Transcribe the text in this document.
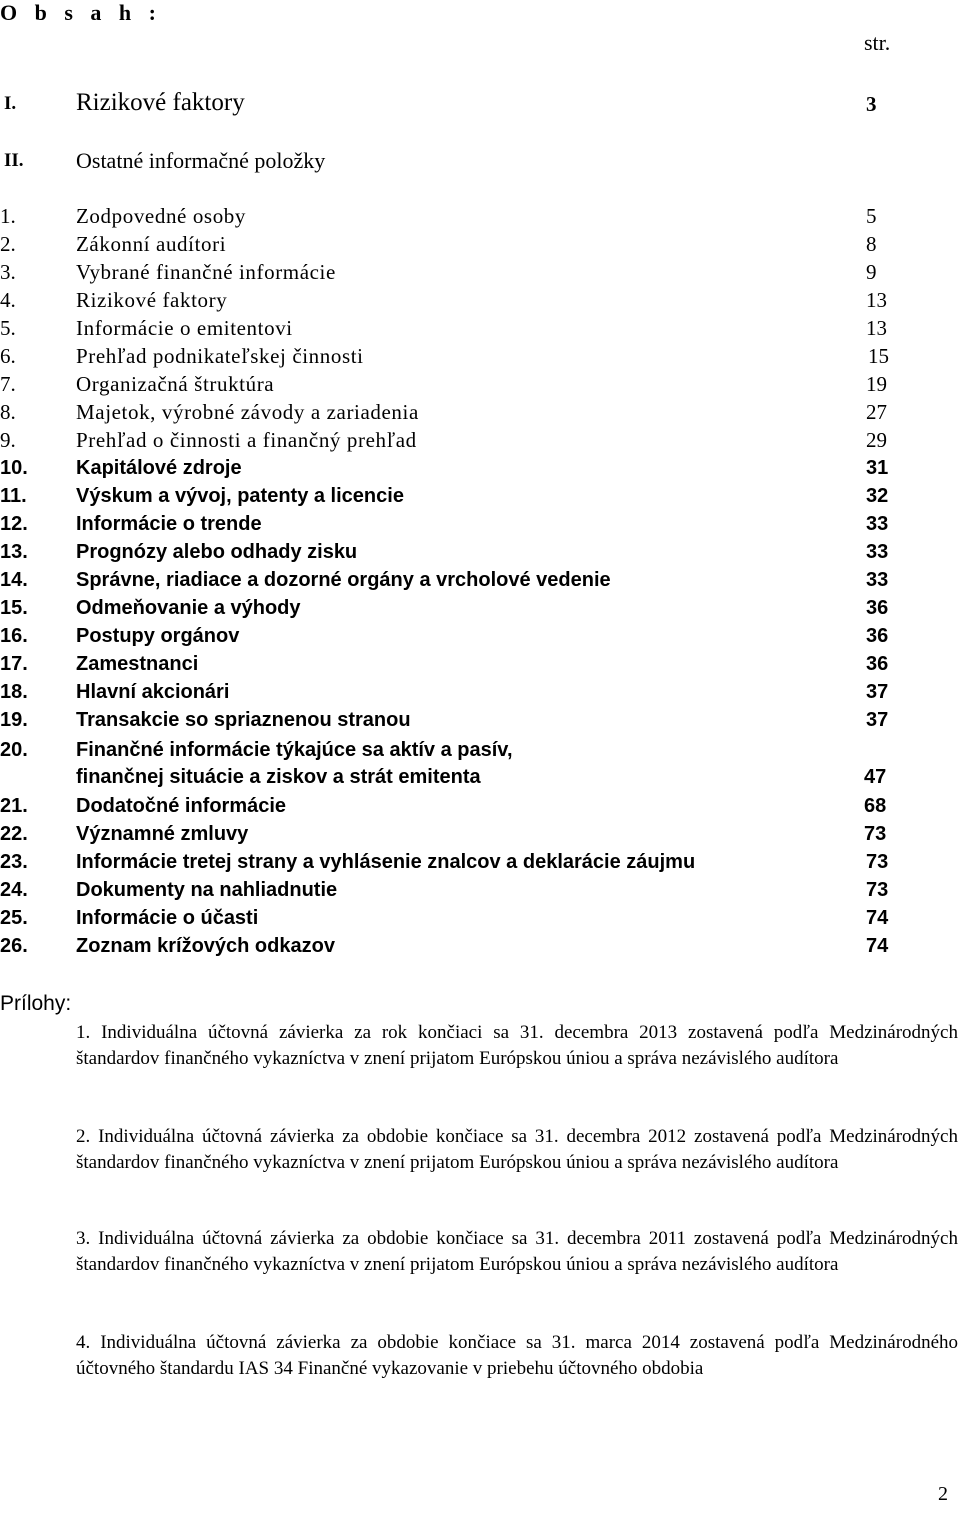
O b s a h :
str.
I. Rizikové faktory	3
II. Ostatné informačné položky
1.	Zodpovedné osoby	5
2.	Zákonní audítori	8
3.	Vybrané finančné informácie	9
4.	Rizikové faktory	13
5.	Informácie o emitentovi	13
6.	Prehľad podnikateľskej činnosti	15
7.	Organizačná štruktúra	19
8.	Majetok, výrobné závody a zariadenia	27
9.	Prehľad o činnosti a finančný prehľad	29
10. Kapitálové zdroje	31
11. Výskum a vývoj, patenty a licencie	32
12. Informácie o trende	33
13. Prognózy alebo odhady zisku	33
14. Správne, riadiace a dozorné orgány a vrcholové vedenie	33
15. Odmeňovanie a výhody	36
16. Postupy orgánov	36
17. Zamestnanci	36
18. Hlavní akcionári	37
19. Transakcie so spriaznenou stranou	37
20. Finančné informácie týkajúce sa aktív a pasív,
finančnej situácie a ziskov a strát emitenta	47
21. Dodatočné informácie	68
22. Významné zmluvy	73
23. Informácie tretej strany a vyhlásenie znalcov a deklarácie záujmu	73
24. Dokumenty na nahliadnutie	73
25. Informácie o účasti	74
26. Zoznam krížových odkazov	74
Prílohy:
1. Individuálna účtovná závierka za rok končiaci sa 31. decembra 2013 zostavená podľa Medzinárodných štandardov finančného vykazníctva v znení prijatom Európskou úniou a správa nezávislého audítora
2. Individuálna účtovná závierka za obdobie končiace sa 31. decembra 2012 zostavená podľa Medzinárodných štandardov finančného vykazníctva v znení prijatom Európskou úniou a správa nezávislého audítora
3. Individuálna účtovná závierka za obdobie končiace sa 31. decembra 2011 zostavená podľa Medzinárodných štandardov finančného vykazníctva v znení prijatom Európskou úniou a správa nezávislého audítora
4. Individuálna účtovná závierka za obdobie končiace sa 31. marca 2014 zostavená podľa Medzinárodného účtovného štandardu IAS 34 Finančné vykazovanie v priebehu účtovného obdobia
2
